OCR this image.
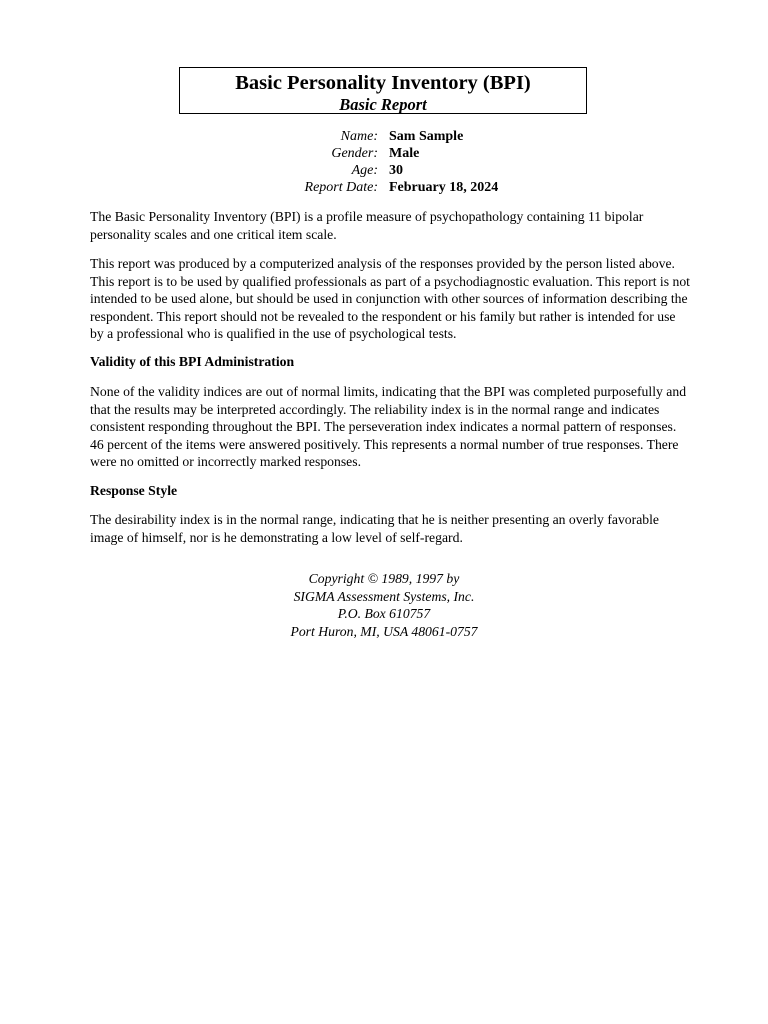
Basic Personality Inventory (BPI)
Basic Report
Name: Sam Sample
Gender: Male
Age: 30
Report Date: February 18, 2024

The Basic Personality Inventory (BPI) is a profile measure of psychopathology containing 11 bipolar personality scales and one critical item scale.

This report was produced by a computerized analysis of the responses provided by the person listed above. This report is to be used by qualified professionals as part of a psychodiagnostic evaluation. This report is not intended to be used alone, but should be used in conjunction with other sources of information describing the respondent. This report should not be revealed to the respondent or his family but rather is intended for use by a professional who is qualified in the use of psychological tests.

Validity of this BPI Administration

None of the validity indices are out of normal limits, indicating that the BPI was completed purposefully and that the results may be interpreted accordingly. The reliability index is in the normal range and indicates consistent responding throughout the BPI. The perseveration index indicates a normal pattern of responses. 46 percent of the items were answered positively. This represents a normal number of true responses. There were no omitted or incorrectly marked responses.

Response Style

The desirability index is in the normal range, indicating that he is neither presenting an overly favorable image of himself, nor is he demonstrating a low level of self-regard.

Copyright © 1989, 1997 by
SIGMA Assessment Systems, Inc.
P.O. Box 610757
Port Huron, MI, USA 48061-0757
